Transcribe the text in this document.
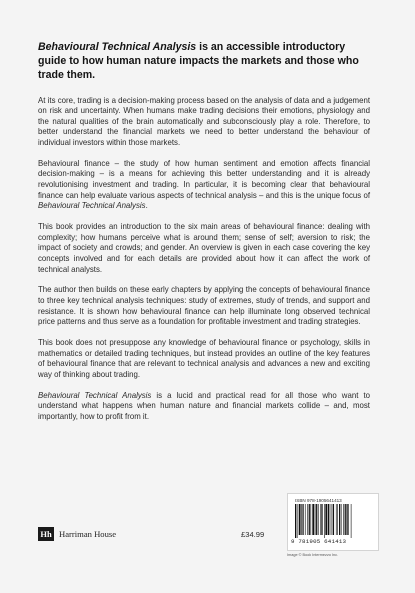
Behavioural Technical Analysis is an accessible introductory guide to how human nature impacts the markets and those who trade them.

At its core, trading is a decision-making process based on the analysis of data and a judgement on risk and uncertainty. When humans make trading decisions their emotions, physiology and the natural qualities of the brain automatically and subconsciously play a role. Therefore, to better understand the financial markets we need to better understand the behaviour of individual investors within those markets.

Behavioural finance – the study of how human sentiment and emotion affects financial decision-making – is a means for achieving this better understanding and it is already revolutionising investment and trading. In particular, it is becoming clear that behavioural finance can help evaluate various aspects of technical analysis – and this is the unique focus of Behavioural Technical Analysis.

This book provides an introduction to the six main areas of behavioural finance: dealing with complexity; how humans perceive what is around them; sense of self; aversion to risk; the impact of society and crowds; and gender. An overview is given in each case covering the key concepts involved and for each details are provided about how it can affect the work of technical analysts.

The author then builds on these early chapters by applying the concepts of behavioural finance to three key technical analysis techniques: study of extremes, study of trends, and support and resistance. It is shown how behavioural finance can help illuminate long observed technical price patterns and thus serve as a foundation for profitable investment and trading strategies.

This book does not presuppose any knowledge of behavioural finance or psychology, skills in mathematics or detailed trading techniques, but instead provides an outline of the key features of behavioural finance that are relevant to technical analysis and advances a new and exciting way of thinking about trading.

Behavioural Technical Analysis is a lucid and practical read for all those who want to understand what happens when human nature and financial markets collide – and, most importantly, how to profit from it.

Hh Harriman House	£34.99
ISBN 978-1905641413
9 781905 641413
Image © Book Intermezzo Inc.
